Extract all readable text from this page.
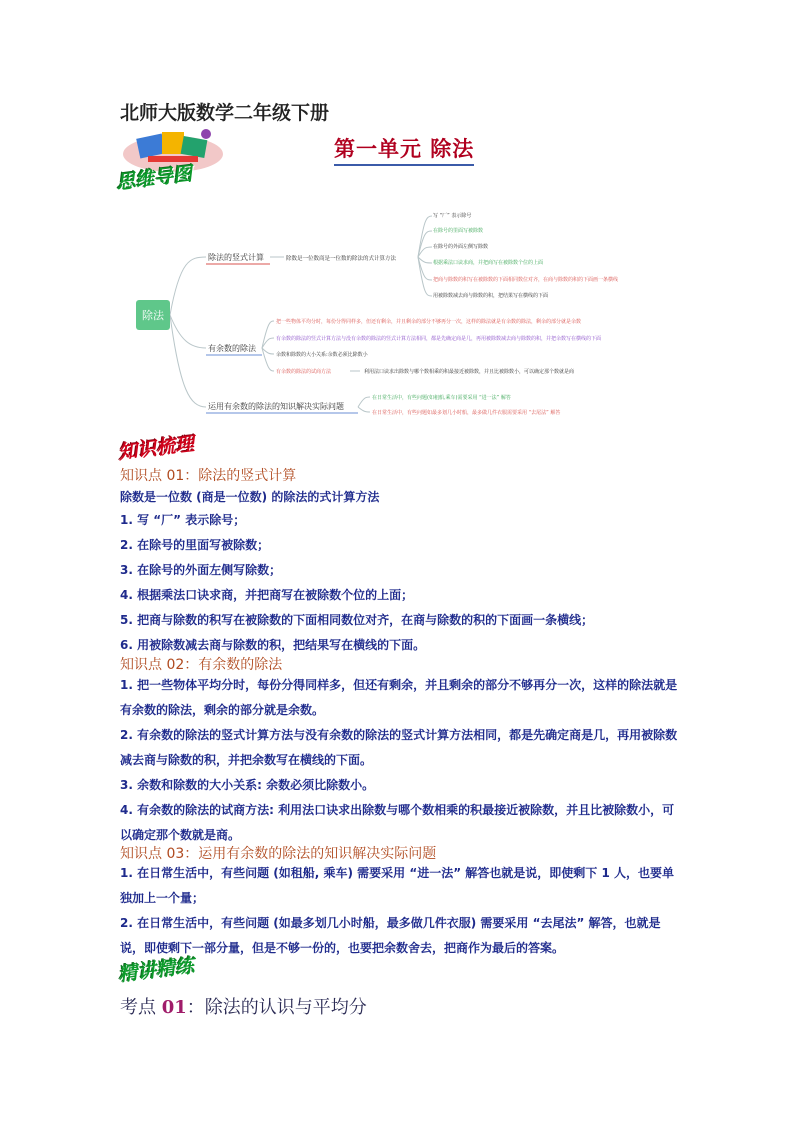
北师大版数学二年级下册
第一单元 除法
思维导图
除法
除法的竖式计算	除数是一位数商是一位数的除法的式计算方法
写 “厂” 表示除号
在除号的里面写被除数
在除号的外面左侧写除数
根据乘法口诀求商，并把商写在被除数个位的上面
把商与除数的积写在被除数的下面相同数位对齐，在商与除数的积的下面画一条横线
用被除数减去商与除数的积，把结果写在横线的下面
有余数的除法
把一些物体平均分时，每份分得同样多，但还有剩余，并且剩余的部分不够再分一次，这样的除法就是有余数的除法，剩余的部分就是余数
有余数的除法的竖式计算方法与没有余数的除法的竖式计算方法相同，都是先确定商是几，再用被除数减去商与除数的积，并把余数写在横线的下面
余数和除数的大小关系:余数必须比除数小
有余数的除法的试商方法	利用法口诀求出除数与哪个数相乘的积最接近被除数，并且比被除数小，可以确定那个数就是商
运用有余数的除法的知识解决实际问题
在日常生活中，有些问题(如租船,乘车)需要采用 “进一法” 解答
在日常生活中，有些问题如最多划几小时船，最多做几件衣服需要采用 “去尾法” 解答
知识梳理
知识点 01：除法的竖式计算
除数是一位数 (商是一位数) 的除法的式计算方法
1. 写 “厂” 表示除号；
2. 在除号的里面写被除数；
3. 在除号的外面左侧写除数；
4. 根据乘法口诀求商，并把商写在被除数个位的上面；
5. 把商与除数的积写在被除数的下面相同数位对齐，在商与除数的积的下面画一条横线；
6. 用被除数减去商与除数的积，把结果写在横线的下面。
知识点 02：有余数的除法
1. 把一些物体平均分时，每份分得同样多，但还有剩余，并且剩余的部分不够再分一次，这样的除法就是有余数的除法，剩余的部分就是余数。
2. 有余数的除法的竖式计算方法与没有余数的除法的竖式计算方法相同，都是先确定商是几，再用被除数减去商与除数的积，并把余数写在横线的下面。
3. 余数和除数的大小关系: 余数必须比除数小。
4. 有余数的除法的试商方法: 利用法口诀求出除数与哪个数相乘的积最接近被除数，并且比被除数小，可以确定那个数就是商。
知识点 03：运用有余数的除法的知识解决实际问题
1. 在日常生活中，有些问题 (如租船, 乘车) 需要采用 “进一法” 解答也就是说，即使剩下 1 人，也要单独加上一个量；
2. 在日常生活中，有些问题 (如最多划几小时船，最多做几件衣服) 需要采用 “去尾法” 解答，也就是说，即使剩下一部分量，但是不够一份的，也要把余数舍去，把商作为最后的答案。
精讲精练
考点 01：除法的认识与平均分
